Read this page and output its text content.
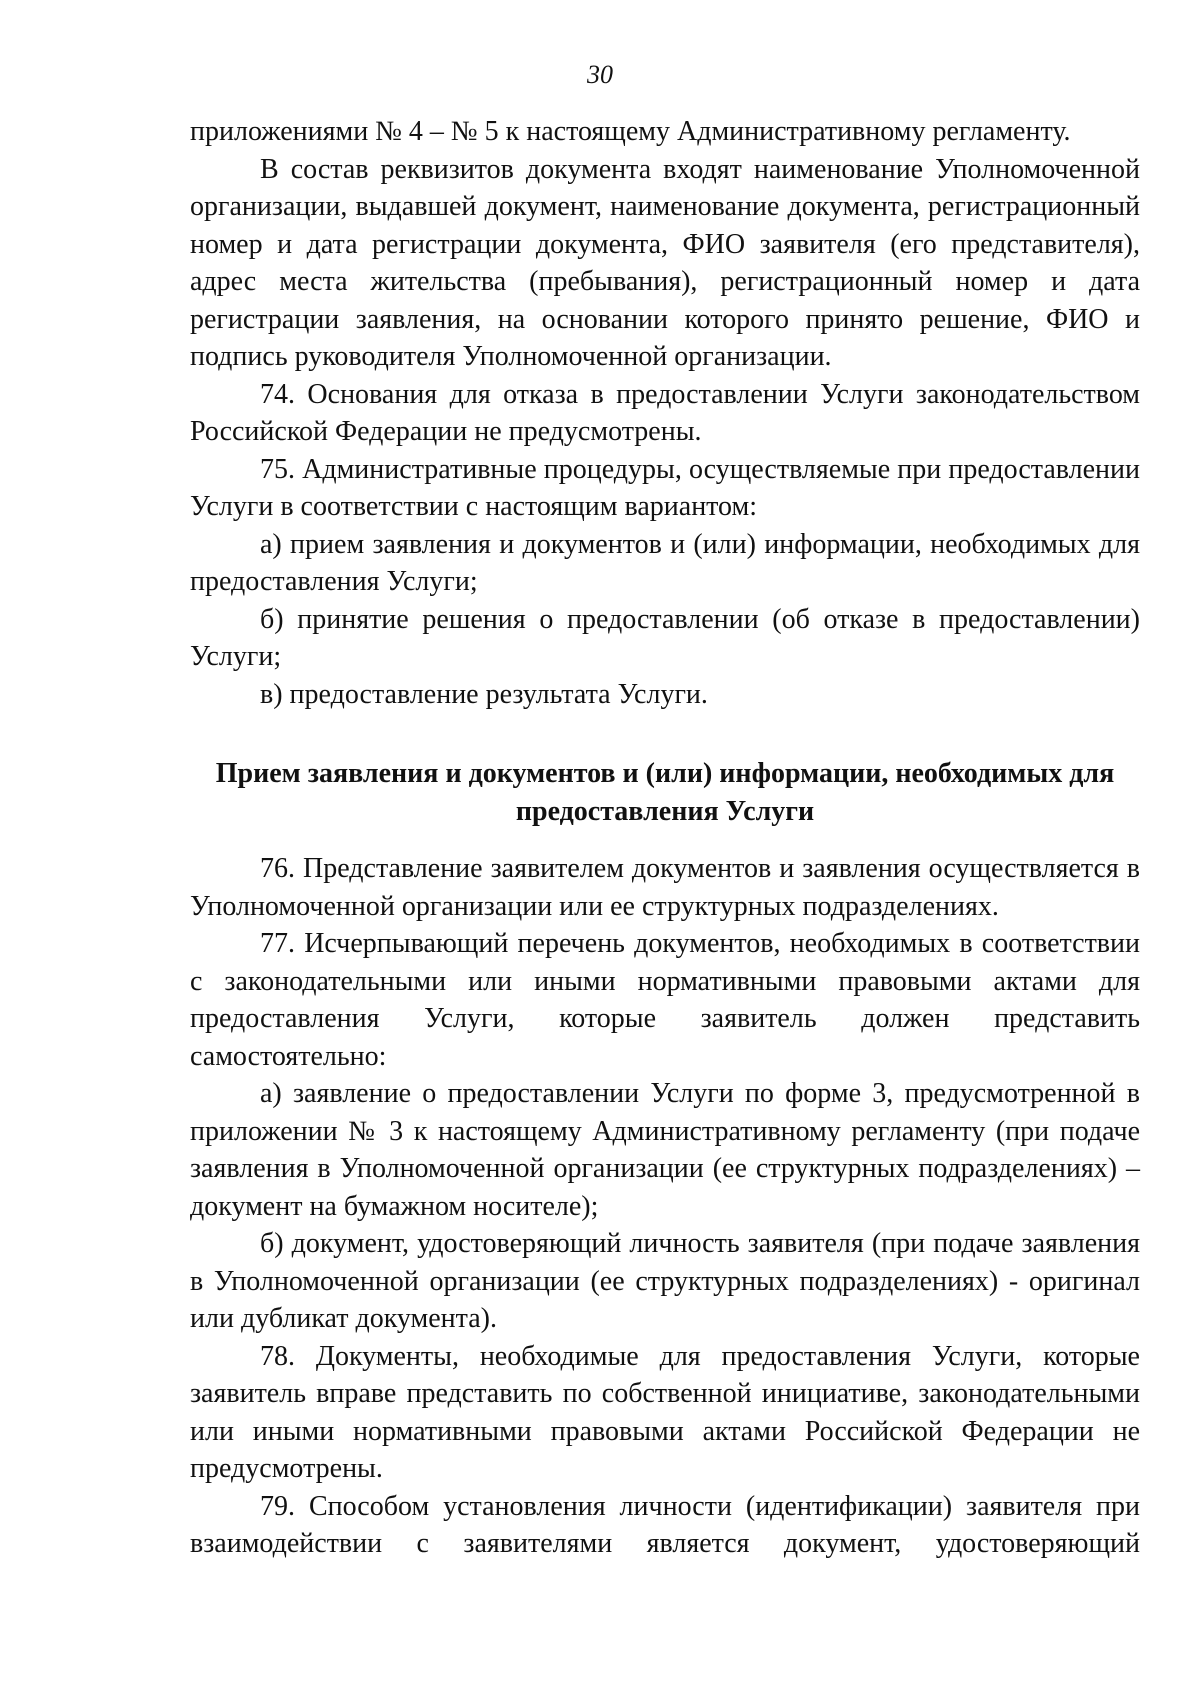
30

приложениями № 4 – № 5 к настоящему Административному регламенту.

В состав реквизитов документа входят наименование Уполномоченной организации, выдавшей документ, наименование документа, регистрационный номер и дата регистрации документа, ФИО заявителя (его представителя), адрес места жительства (пребывания), регистрационный номер и дата регистрации заявления, на основании которого принято решение, ФИО и подпись руководителя Уполномоченной организации.

74. Основания для отказа в предоставлении Услуги законодательством Российской Федерации не предусмотрены.

75. Административные процедуры, осуществляемые при предоставлении Услуги в соответствии с настоящим вариантом:

а) прием заявления и документов и (или) информации, необходимых для предоставления Услуги;

б) принятие решения о предоставлении (об отказе в предоставлении) Услуги;

в) предоставление результата Услуги.

Прием заявления и документов и (или) информации, необходимых для предоставления Услуги

76. Представление заявителем документов и заявления осуществляется в Уполномоченной организации или ее структурных подразделениях.

77. Исчерпывающий перечень документов, необходимых в соответствии с законодательными или иными нормативными правовыми актами для предоставления Услуги, которые заявитель должен представить самостоятельно:

а) заявление о предоставлении Услуги по форме 3, предусмотренной в приложении № 3 к настоящему Административному регламенту (при подаче заявления в Уполномоченной организации (ее структурных подразделениях) – документ на бумажном носителе);

б) документ, удостоверяющий личность заявителя (при подаче заявления в Уполномоченной организации (ее структурных подразделениях) - оригинал или дубликат документа).

78. Документы, необходимые для предоставления Услуги, которые заявитель вправе представить по собственной инициативе, законодательными или иными нормативными правовыми актами Российской Федерации не предусмотрены.

79. Способом установления личности (идентификации) заявителя при взаимодействии с заявителями является документ, удостоверяющий
